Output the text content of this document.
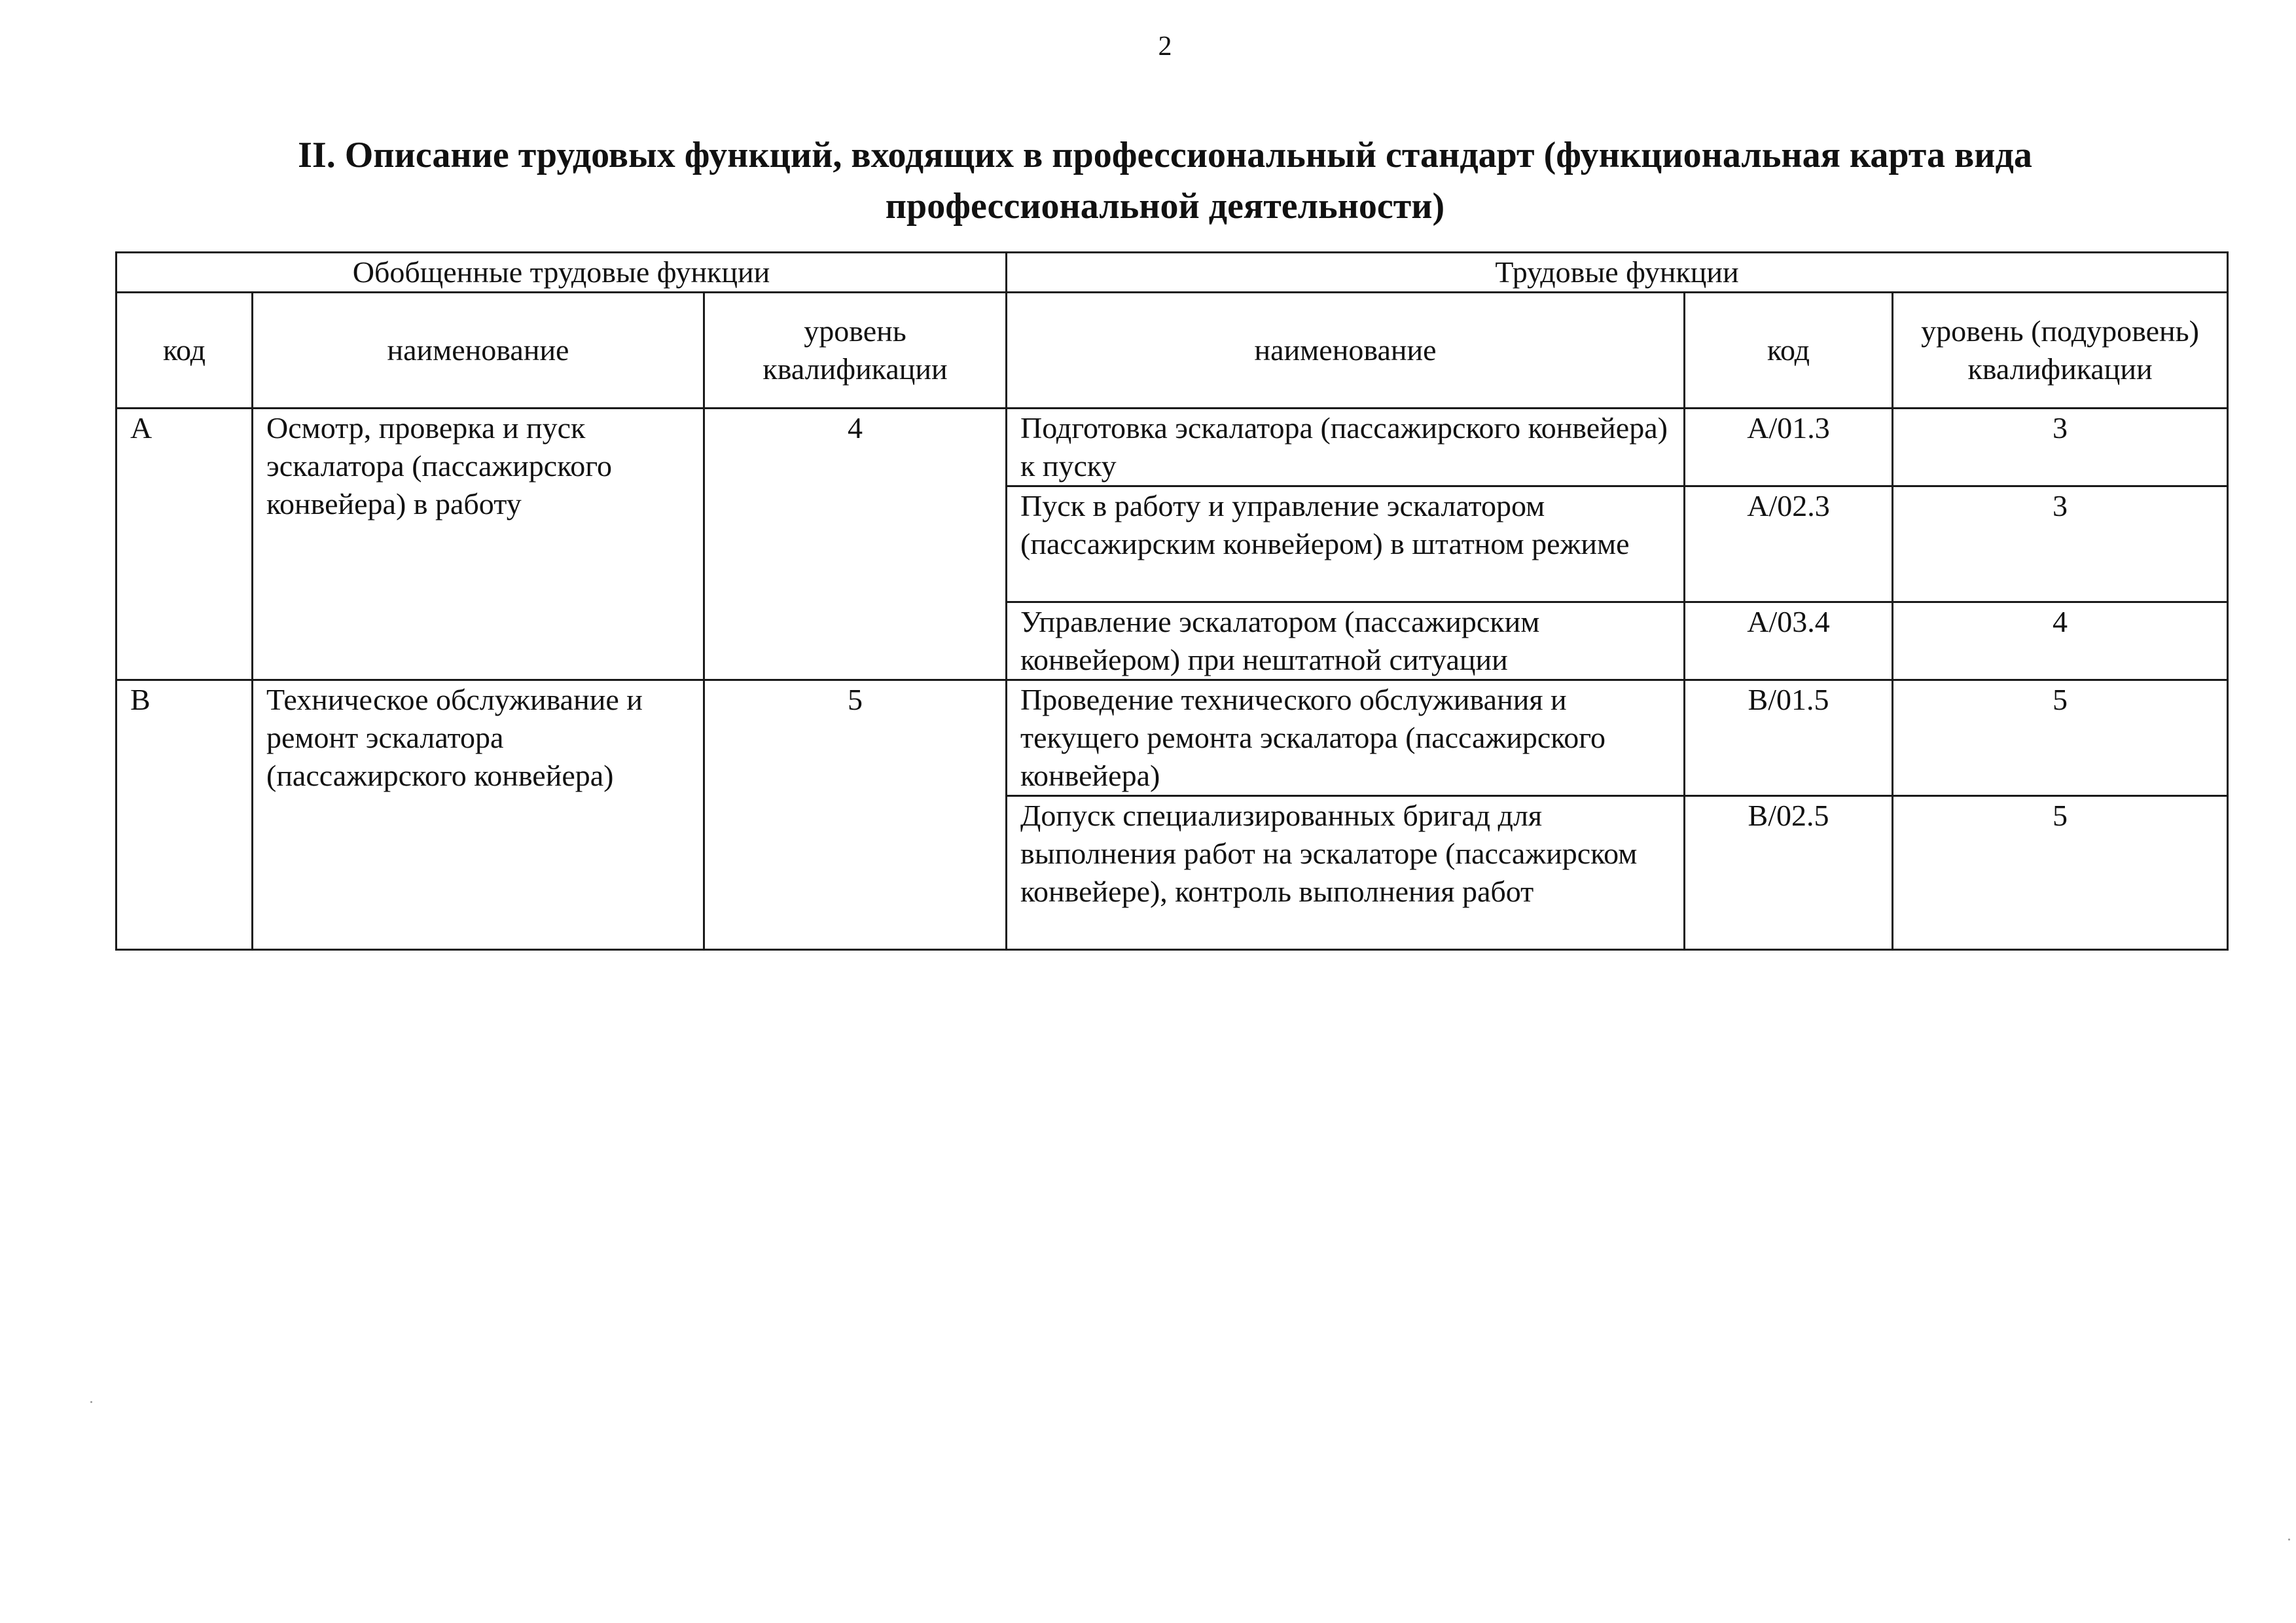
2
II. Описание трудовых функций, входящих в профессиональный стандарт (функциональная карта вида профессиональной деятельности)
Обобщенные трудовые функции			Трудовые функции		
код	наименование	уровень квалификации	наименование	код	уровень (подуровень) квалификации
A	Осмотр, проверка и пуск эскалатора (пассажирского конвейера) в работу	4	Подготовка эскалатора (пассажирского конвейера) к пуску	A/01.3	3
			Пуск в работу и управление эскалатором (пассажирским конвейером) в штатном режиме	A/02.3	3
			Управление эскалатором (пассажирским конвейером) при нештатной ситуации	A/03.4	4
B	Техническое обслуживание и ремонт эскалатора (пассажирского конвейера)	5	Проведение технического обслуживания и текущего ремонта эскалатора (пассажирского конвейера)	B/01.5	5
			Допуск специализированных бригад для выполнения работ на эскалаторе (пассажирском конвейере), контроль выполнения работ	B/02.5	5
